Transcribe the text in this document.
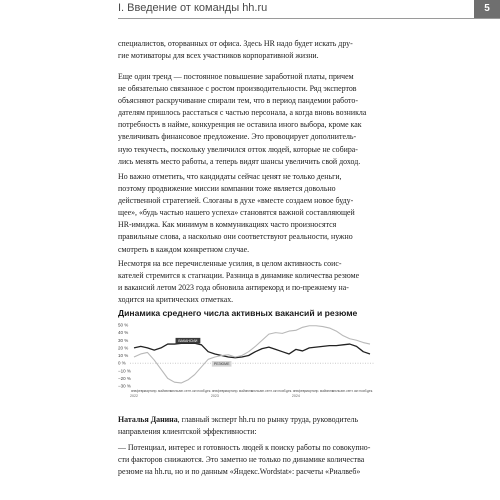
I. Введение от команды hh.ru	5

специалистов, оторванных от офиса. Здесь HR надо будет искать дру-
гие мотиваторы для всех участников корпоративной жизни.

Еще один тренд — постоянное повышение заработной платы, причем
не обязательно связанное с ростом производительности. Ряд экспертов
объясняют раскручивание спирали тем, что в период пандемии работо-
дателям пришлось расстаться с частью персонала, а когда вновь возникла
потребность в найме, конкуренция не оставила иного выбора, кроме как
увеличивать финансовое предложение. Это провоцирует дополнитель-
ную текучесть, поскольку увеличился отток людей, которые не собира-
лись менять место работы, а теперь видят шансы увеличить свой доход.

Но важно отметить, что кандидаты сейчас ценят не только деньги,
поэтому продвижение миссии компании тоже является довольно
действенной стратегией. Слоганы в духе «вместе создаем новое буду-
щее», «будь частью нашего успеха» становятся важной составляющей
HR-имиджа. Как минимум в коммуникациях часто произносятся
правильные слова, а насколько они соответствуют реальности, нужно
смотреть в каждом конкретном случае.

Несмотря на все перечисленные усилия, в целом активность соис-
кателей стремится к стагнации. Разница в динамике количества резюме
и вакансий летом 2023 года обновила антирекорд и по-прежнему на-
ходится на критических отметках.

Динамика среднего числа активных вакансий и резюме
50 %
40 %
30 %
20 %
10 %
0 %
−10 %
−20 %
−30 %
ВАКАНСИИ
РЕЗЮМЕ
янв. февр.
март апр. май июнь
июль авг. сент. окт. нояб. дек. янв. февр.
март апр. май июнь
июль авг. сент. окт. нояб. дек. янв. февр.
март апр. май июнь
июль авг. сент. окт. нояб. дек.
2022	2023	2024

Наталья Данина, главный эксперт hh.ru по рынку труда, руководитель
направления клиентской эффективности:

— Потенциал, интерес и готовность людей к поиску работы по совокупно-
сти факторов снижаются. Это заметно не только по динамике количества
резюме на hh.ru, но и по данным «Яндекс.Wordstat»: расчеты «Риалвеб»
